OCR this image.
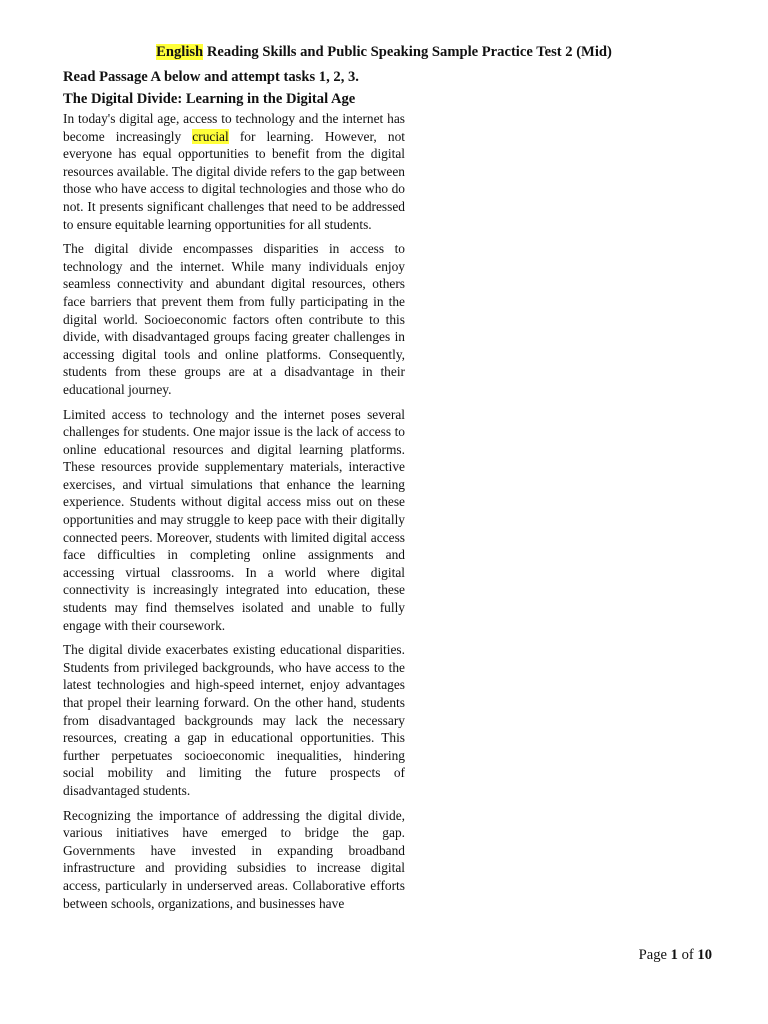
English Reading Skills and Public Speaking Sample Practice Test 2 (Mid)

Read Passage A below and attempt tasks 1, 2, 3.

The Digital Divide: Learning in the Digital Age

In today's digital age, access to technology and the internet has become increasingly crucial for learning. However, not everyone has equal opportunities to benefit from the digital resources available. The digital divide refers to the gap between those who have access to digital technologies and those who do not. It presents significant challenges that need to be addressed to ensure equitable learning opportunities for all students.

The digital divide encompasses disparities in access to technology and the internet. While many individuals enjoy seamless connectivity and abundant digital resources, others face barriers that prevent them from fully participating in the digital world. Socioeconomic factors often contribute to this divide, with disadvantaged groups facing greater challenges in accessing digital tools and online platforms. Consequently, students from these groups are at a disadvantage in their educational journey.

Limited access to technology and the internet poses several challenges for students. One major issue is the lack of access to online educational resources and digital learning platforms. These resources provide supplementary materials, interactive exercises, and virtual simulations that enhance the learning experience. Students without digital access miss out on these opportunities and may struggle to keep pace with their digitally connected peers. Moreover, students with limited digital access face difficulties in completing online assignments and accessing virtual classrooms. In a world where digital connectivity is increasingly integrated into education, these students may find themselves isolated and unable to fully engage with their coursework.

The digital divide exacerbates existing educational disparities. Students from privileged backgrounds, who have access to the latest technologies and high-speed internet, enjoy advantages that propel their learning forward. On the other hand, students from disadvantaged backgrounds may lack the necessary resources, creating a gap in educational opportunities. This further perpetuates socioeconomic inequalities, hindering social mobility and limiting the future prospects of disadvantaged students.

Recognizing the importance of addressing the digital divide, various initiatives have emerged to bridge the gap. Governments have invested in expanding broadband infrastructure and providing subsidies to increase digital access, particularly in underserved areas. Collaborative efforts between schools, organizations, and businesses have

Page 1 of 10
